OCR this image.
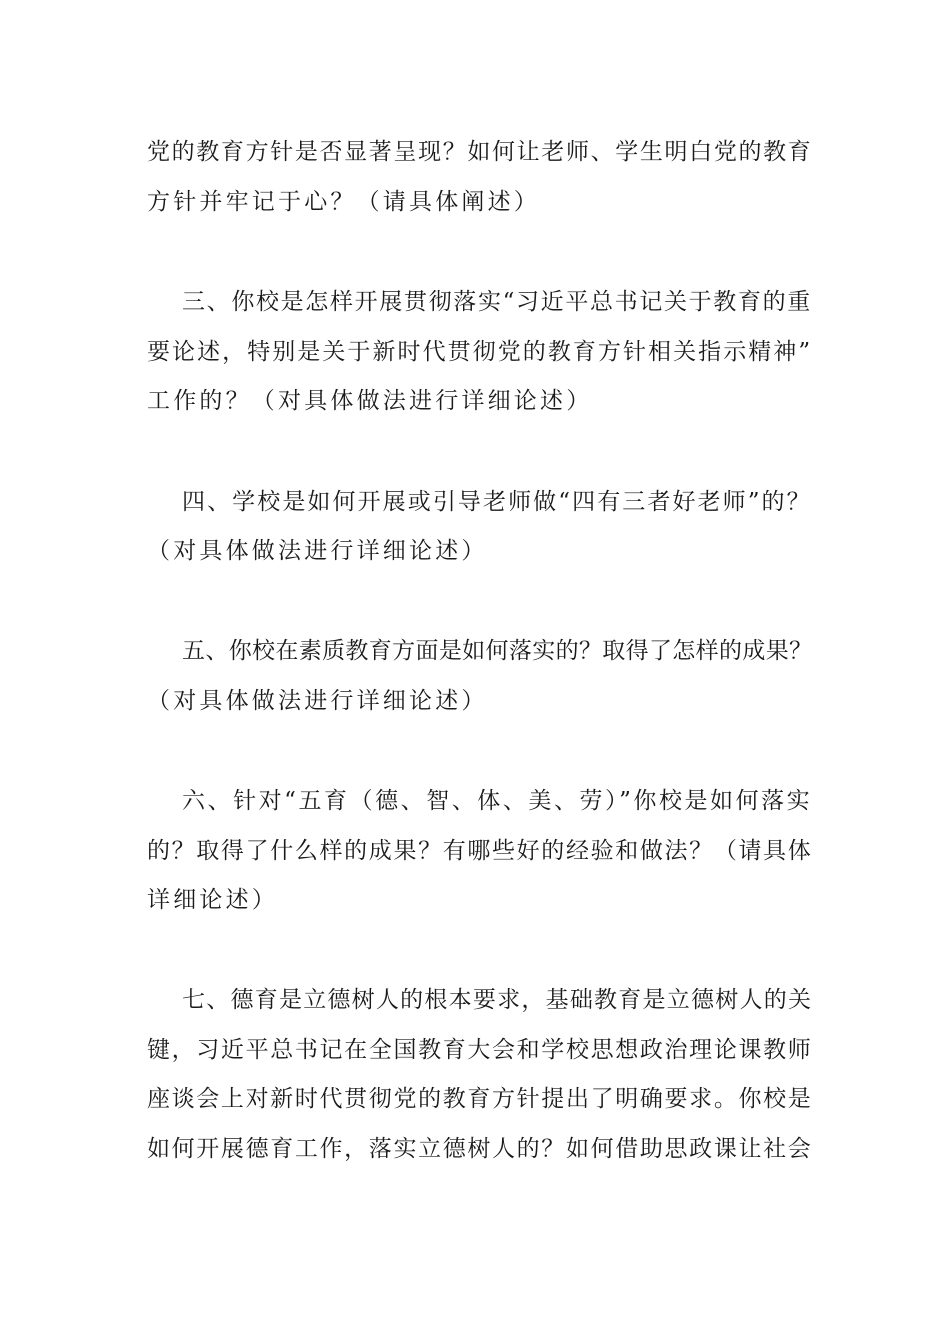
党的教育方针是否显著呈现？如何让老师、学生明白党的教育
方针并牢记于心？（请具体阐述）
三、你校是怎样开展贯彻落实“习近平总书记关于教育的重
要论述，特别是关于新时代贯彻党的教育方针相关指示精神”
工作的？（对具体做法进行详细论述）
四、学校是如何开展或引导老师做“四有三者好老师”的？
（对具体做法进行详细论述）
五、你校在素质教育方面是如何落实的？取得了怎样的成果？
（对具体做法进行详细论述）
六、针对“五育（德、智、体、美、劳）”你校是如何落实
的？取得了什么样的成果？有哪些好的经验和做法？（请具体
详细论述）
七、德育是立德树人的根本要求，基础教育是立德树人的关
键，习近平总书记在全国教育大会和学校思想政治理论课教师
座谈会上对新时代贯彻党的教育方针提出了明确要求。你校是
如何开展德育工作，落实立德树人的？如何借助思政课让社会
